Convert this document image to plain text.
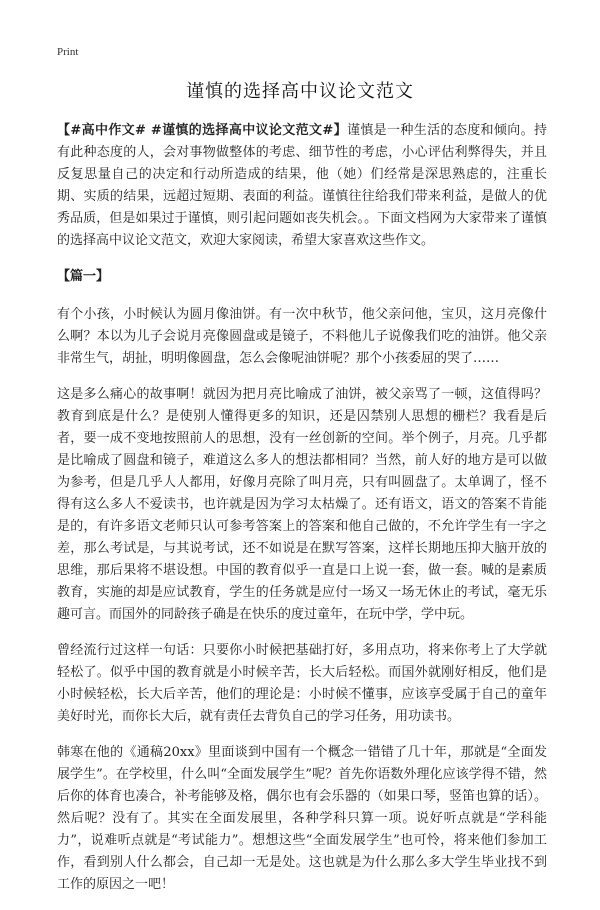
Print
谨慎的选择高中议论文范文

【#高中作文# #谨慎的选择高中议论文范文#】谨慎是一种生活的态度和倾向。持有此种态度的人，会对事物做整体的考虑、细节性的考虑，小心评估利弊得失，并且反复思量自己的决定和行动所造成的结果，他（她）们经常是深思熟虑的，注重长期、实质的结果，远超过短期、表面的利益。谨慎往往给我们带来利益，是做人的优秀品质，但是如果过于谨慎，则引起问题如丧失机会。。下面文档网为大家带来了谨慎的选择高中议论文范文，欢迎大家阅读，希望大家喜欢这些作文。

【篇一】

有个小孩，小时候认为圆月像油饼。有一次中秋节，他父亲问他，宝贝，这月亮像什么啊？本以为儿子会说月亮像圆盘或是镜子，不料他儿子说像我们吃的油饼。他父亲非常生气，胡扯，明明像圆盘，怎么会像呢油饼呢？那个小孩委屈的哭了……

这是多么痛心的故事啊！就因为把月亮比喻成了油饼，被父亲骂了一顿，这值得吗？教育到底是什么？是使别人懂得更多的知识，还是囚禁别人思想的栅栏？我看是后者，要一成不变地按照前人的思想，没有一丝创新的空间。举个例子，月亮。几乎都是比喻成了圆盘和镜子，难道这么多人的想法都相同？当然，前人好的地方是可以做为参考，但是几乎人人都用，好像月亮除了叫月亮，只有叫圆盘了。太单调了，怪不得有这么多人不爱读书，也许就是因为学习太枯燥了。还有语文，语文的答案不肯能是的，有许多语文老师只认可参考答案上的答案和他自己做的，不允许学生有一字之差，那么考试是，与其说考试，还不如说是在默写答案，这样长期地压抑大脑开放的思维，那后果将不堪设想。中国的教育似乎一直是口上说一套，做一套。喊的是素质教育，实施的却是应试教育，学生的任务就是应付一场又一场无休止的考试，毫无乐趣可言。而国外的同龄孩子确是在快乐的度过童年，在玩中学，学中玩。

曾经流行过这样一句话：只要你小时候把基础打好，多用点功，将来你考上了大学就轻松了。似乎中国的教育就是小时候辛苦，长大后轻松。而国外就刚好相反，他们是小时候轻松，长大后辛苦，他们的理论是：小时候不懂事，应该享受属于自己的童年美好时光，而你长大后，就有责任去背负自己的学习任务，用功读书。

韩寒在他的《通稿20xx》里面谈到中国有一个概念一错错了几十年，那就是“全面发展学生”。在学校里，什么叫“全面发展学生”呢？首先你语数外理化应该学得不错，然后你的体育也凑合，补考能够及格，偶尔也有会乐器的（如果口琴，竖笛也算的话）。然后呢？没有了。其实在全面发展里，各种学科只算一项。说好听点就是“学科能力”，说难听点就是“考试能力”。想想这些“全面发展学生”也可怜，将来他们参加工作，看到别人什么都会，自己却一无是处。这也就是为什么那么多大学生毕业找不到工作的原因之一吧！
